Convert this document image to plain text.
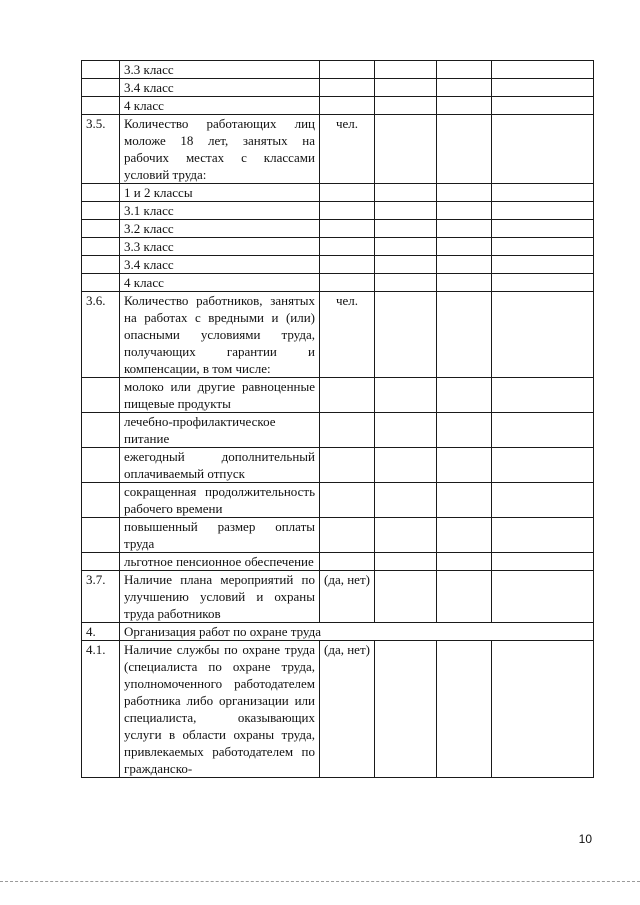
	3.3 класс				
	3.4 класс				
	4 класс				
3.5.	Количество работающих лиц моложе 18 лет, занятых на рабочих местах с классами условий труда:	чел.			
	1 и 2 классы				
	3.1 класс				
	3.2 класс				
	3.3 класс				
	3.4 класс				
	4 класс				
3.6.	Количество работников, занятых на работах с вредными и (или) опасными условиями труда, получающих гарантии и компенсации, в том числе:	чел.			
	молоко или другие равноценные пищевые продукты				
	лечебно-профилактическое питание				
	ежегодный дополнительный оплачиваемый отпуск				
	сокращенная продолжительность рабочего времени				
	повышенный размер оплаты труда				
	льготное пенсионное обеспечение				
3.7.	Наличие плана мероприятий по улучшению условий и охраны труда работников	(да, нет)			
4.	Организация работ по охране труда				
4.1.	Наличие службы по охране труда (специалиста по охране труда, уполномоченного работодателем работника либо организации или специалиста, оказывающих услуги в области охраны труда, привлекаемых работодателем по гражданско-	(да, нет)			
10
